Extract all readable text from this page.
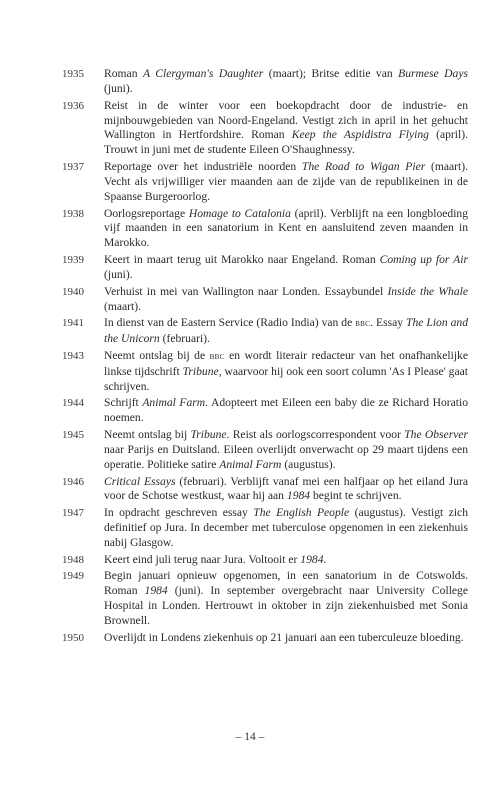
1935	Roman A Clergyman's Daughter (maart); Britse editie van Burmese Days (juni).
1936	Reist in de winter voor een boekopdracht door de industrie- en mijnbouwgebieden van Noord-Engeland. Vestigt zich in april in het gehucht Wallington in Hertfordshire. Roman Keep the Aspidistra Flying (april). Trouwt in juni met de studente Eileen O'Shaughnessy.
1937	Reportage over het industriële noorden The Road to Wigan Pier (maart). Vecht als vrijwilliger vier maanden aan de zijde van de republikeinen in de Spaanse Burgeroorlog.
1938	Oorlogsreportage Homage to Catalonia (april). Verblijft na een longbloeding vijf maanden in een sanatorium in Kent en aansluitend zeven maanden in Marokko.
1939	Keert in maart terug uit Marokko naar Engeland. Roman Coming up for Air (juni).
1940	Verhuist in mei van Wallington naar Londen. Essaybundel Inside the Whale (maart).
1941	In dienst van de Eastern Service (Radio India) van de bbc. Essay The Lion and the Unicorn (februari).
1943	Neemt ontslag bij de bbc en wordt literair redacteur van het onafhankelijke linkse tijdschrift Tribune, waarvoor hij ook een soort column 'As I Please' gaat schrijven.
1944	Schrijft Animal Farm. Adopteert met Eileen een baby die ze Richard Horatio noemen.
1945	Neemt ontslag bij Tribune. Reist als oorlogscorrespondent voor The Observer naar Parijs en Duitsland. Eileen overlijdt onverwacht op 29 maart tijdens een operatie. Politieke satire Animal Farm (augustus).
1946	Critical Essays (februari). Verblijft vanaf mei een halfjaar op het eiland Jura voor de Schotse westkust, waar hij aan 1984 begint te schrijven.
1947	In opdracht geschreven essay The English People (augustus). Vestigt zich definitief op Jura. In december met tuberculose opgenomen in een ziekenhuis nabij Glasgow.
1948	Keert eind juli terug naar Jura. Voltooit er 1984.
1949	Begin januari opnieuw opgenomen, in een sanatorium in de Cotswolds. Roman 1984 (juni). In september overgebracht naar University College Hospital in Londen. Hertrouwt in oktober in zijn ziekenhuisbed met Sonia Brownell.
1950	Overlijdt in Londens ziekenhuis op 21 januari aan een tuberculeuze bloeding.
– 14 –
